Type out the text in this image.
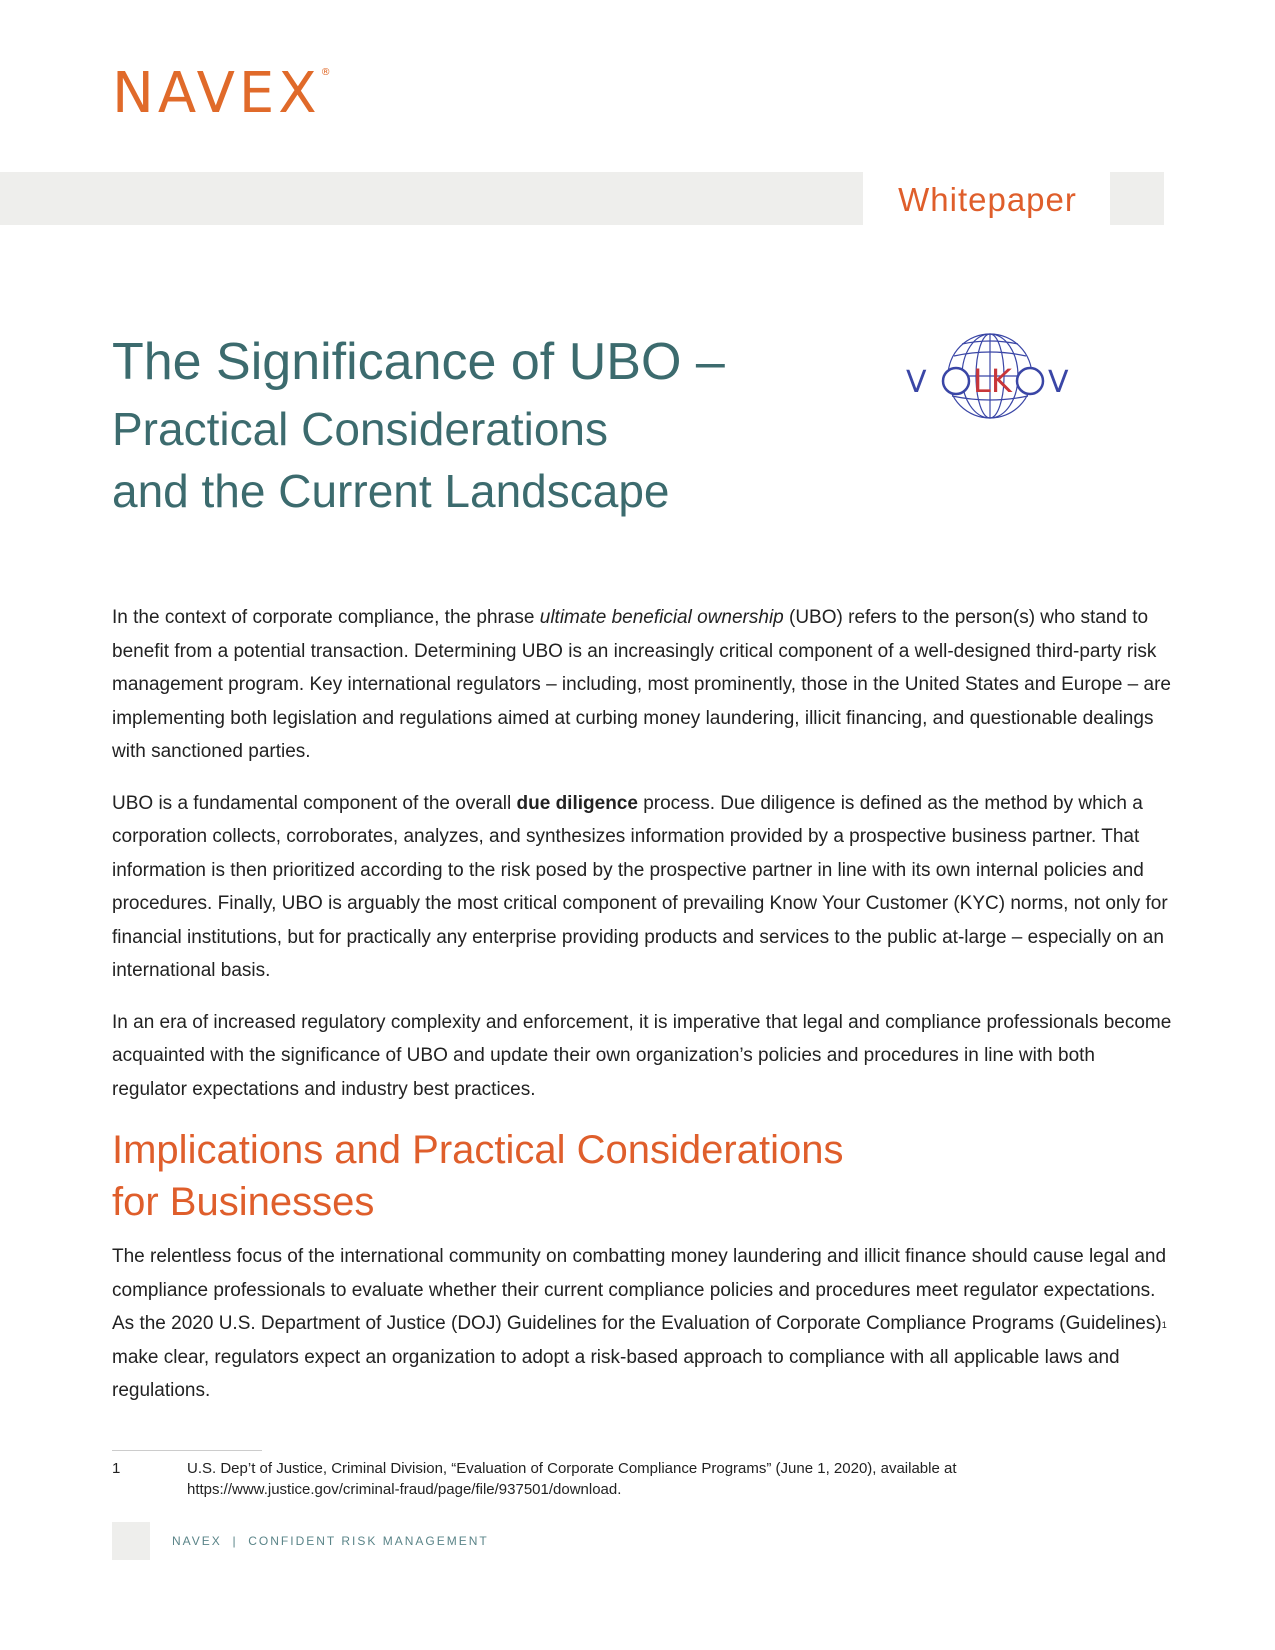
NAVEX®
Whitepaper
The Significance of UBO –
Practical Considerations
and the Current Landscape
V LK V

In the context of corporate compliance, the phrase ultimate beneficial ownership (UBO) refers to the person(s) who stand to benefit from a potential transaction. Determining UBO is an increasingly critical component of a well-designed third-party risk management program. Key international regulators – including, most prominently, those in the United States and Europe – are implementing both legislation and regulations aimed at curbing money laundering, illicit financing, and questionable dealings with sanctioned parties.

UBO is a fundamental component of the overall due diligence process. Due diligence is defined as the method by which a corporation collects, corroborates, analyzes, and synthesizes information provided by a prospective business partner. That information is then prioritized according to the risk posed by the prospective partner in line with its own internal policies and procedures. Finally, UBO is arguably the most critical component of prevailing Know Your Customer (KYC) norms, not only for financial institutions, but for practically any enterprise providing products and services to the public at-large – especially on an international basis.

In an era of increased regulatory complexity and enforcement, it is imperative that legal and compliance professionals become acquainted with the significance of UBO and update their own organization’s policies and procedures in line with both regulator expectations and industry best practices.

Implications and Practical Considerations
for Businesses

The relentless focus of the international community on combatting money laundering and illicit finance should cause legal and compliance professionals to evaluate whether their current compliance policies and procedures meet regulator expectations. As the 2020 U.S. Department of Justice (DOJ) Guidelines for the Evaluation of Corporate Compliance Programs (Guidelines)$^1$ make clear, regulators expect an organization to adopt a risk-based approach to compliance with all applicable laws and regulations.

1	U.S. Dep’t of Justice, Criminal Division, “Evaluation of Corporate Compliance Programs” (June 1, 2020), available at https://www.justice.gov/criminal-fraud/page/file/937501/download.
NAVEX | CONFIDENT RISK MANAGEMENT
